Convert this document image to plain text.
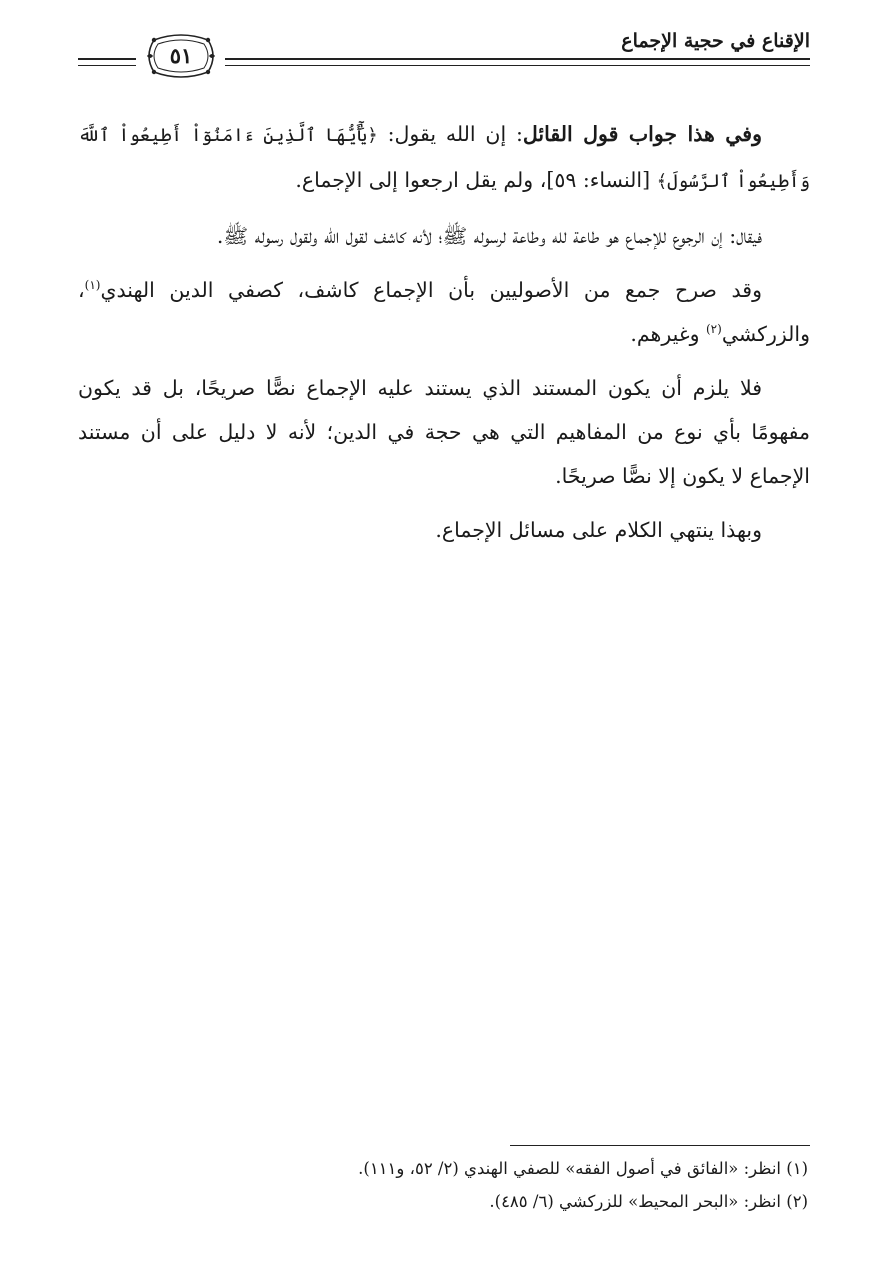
الإقناع في حجية الإجماع
٥١

وفي هذا جواب قول القائل: إن الله يقول: ﴿يَٰٓأَيُّهَا ٱلَّذِينَ ءَامَنُوٓاْ أَطِيعُواْ ٱللَّهَ وَأَطِيعُواْ ٱلرَّسُولَ﴾ [النساء: ٥٩]، ولم يقل ارجعوا إلى الإجماع.

فيقال: إن الرجوع للإجماع هو طاعة لله وطاعة لرسوله ﷺ؛ لأنه كاشف لقول الله ولقول رسوله ﷺ.

وقد صرح جمع من الأصوليين بأن الإجماع كاشف، كصفي الدين الهندي$^{(١)}$، والزركشي$^{(٢)}$ وغيرهم.

فلا يلزم أن يكون المستند الذي يستند عليه الإجماع نصًّا صريحًا، بل قد يكون مفهومًا بأي نوع من المفاهيم التي هي حجة في الدين؛ لأنه لا دليل على أن مستند الإجماع لا يكون إلا نصًّا صريحًا.

وبهذا ينتهي الكلام على مسائل الإجماع.

(١) انظر: «الفائق في أصول الفقه» للصفي الهندي (٢/ ٥٢، و١١١).
(٢) انظر: «البحر المحيط» للزركشي (٦/ ٤٨٥).
